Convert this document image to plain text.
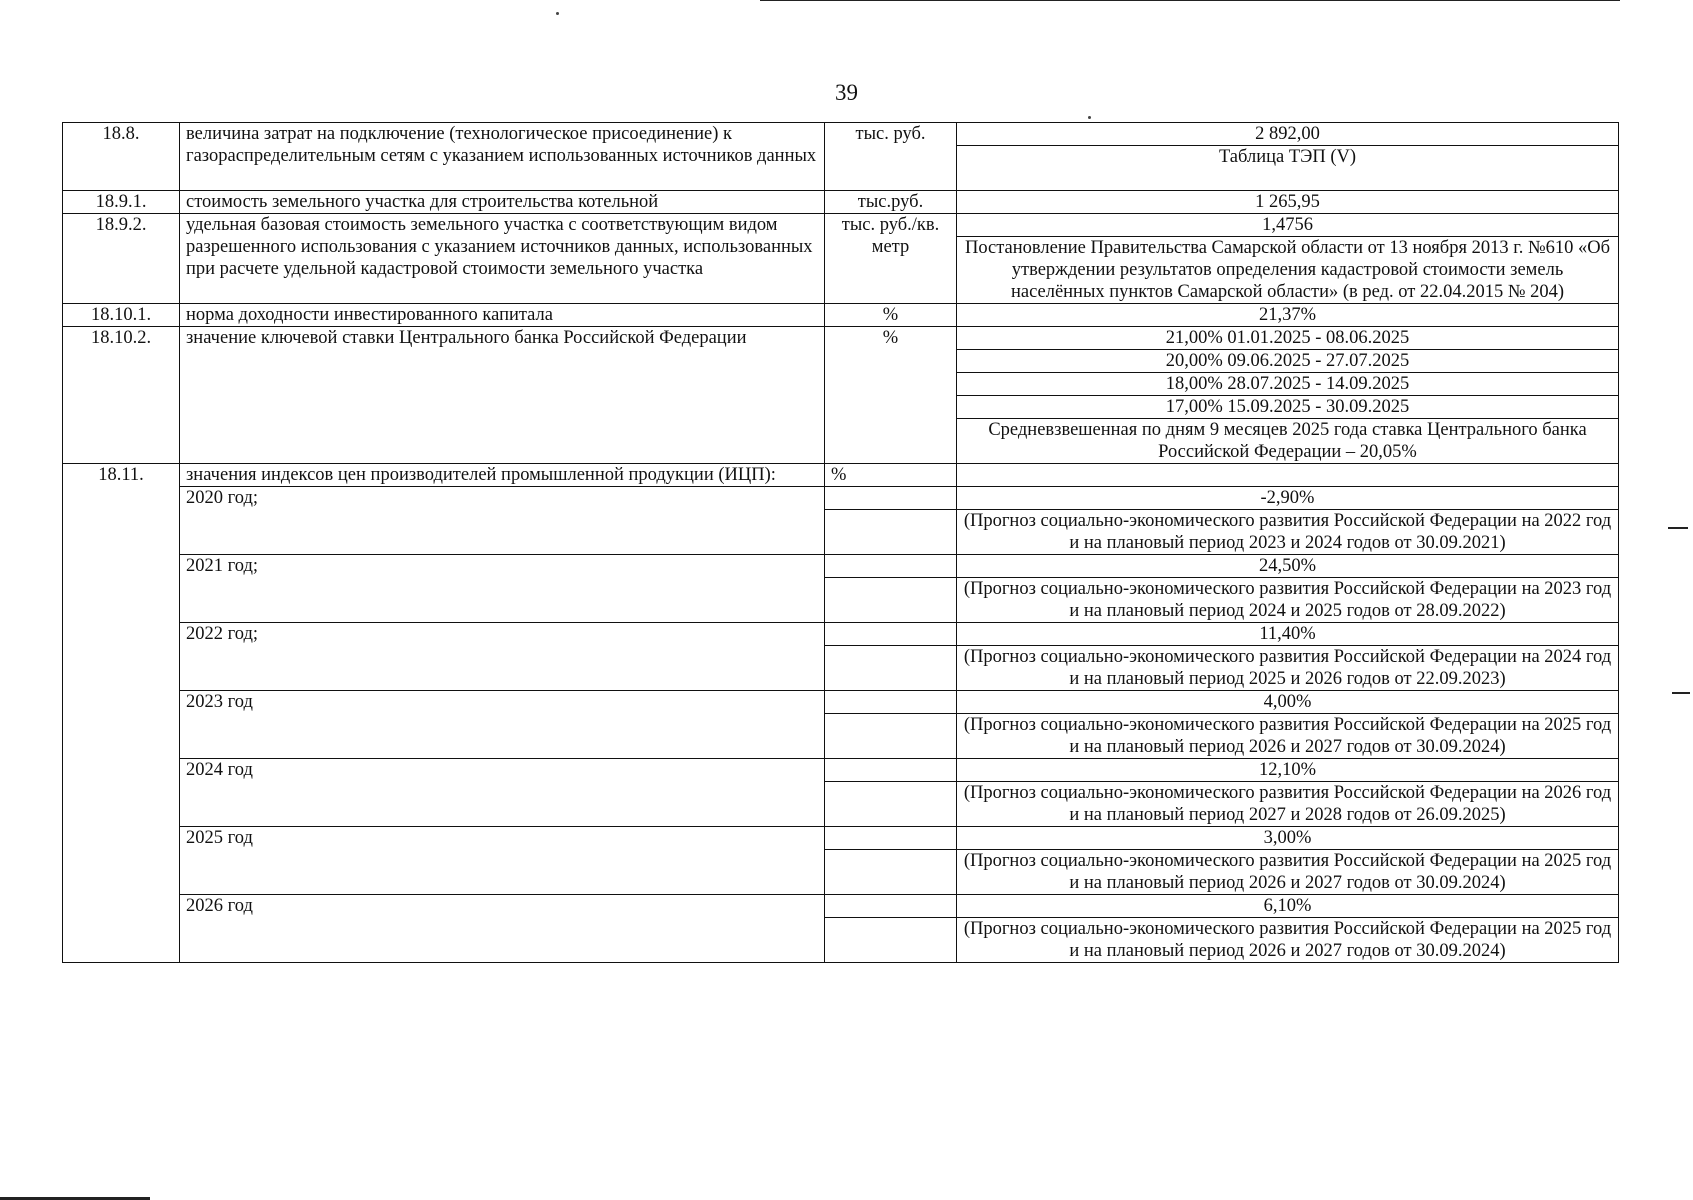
39
18.8.	величина затрат на подключение (технологическое присоединение) к газораспределительным сетям с указанием использованных источников данных	тыс. руб.	2 892,00
			Таблица ТЭП (V)
18.9.1.	стоимость земельного участка для строительства котельной	тыс.руб.	1 265,95
18.9.2.	удельная базовая стоимость земельного участка с соответствующим видом разрешенного использования с указанием источников данных, использованных при расчете удельной кадастровой стоимости земельного участка	тыс. руб./кв. метр	1,4756
			Постановление Правительства Самарской области от 13 ноября 2013 г. №610 «Об утверждении результатов определения кадастровой стоимости земель населённых пунктов Самарской области» (в ред. от 22.04.2015 № 204)
18.10.1.	норма доходности инвестированного капитала	%	21,37%
18.10.2.	значение ключевой ставки Центрального банка Российской Федерации	%	21,00% 01.01.2025 - 08.06.2025
			20,00% 09.06.2025 - 27.07.2025
			18,00% 28.07.2025 - 14.09.2025
			17,00% 15.09.2025 - 30.09.2025
			Средневзвешенная по дням 9 месяцев 2025 года ставка Центрального банка Российской Федерации – 20,05%
18.11.	значения индексов цен производителей промышленной продукции (ИЦП):	%	
	2020 год;		-2,90%
			(Прогноз социально-экономического развития Российской Федерации на 2022 год и на плановый период 2023 и 2024 годов от 30.09.2021)
	2021 год;		24,50%
			(Прогноз социально-экономического развития Российской Федерации на 2023 год и на плановый период 2024 и 2025 годов от 28.09.2022)
	2022 год;		11,40%
			(Прогноз социально-экономического развития Российской Федерации на 2024 год и на плановый период 2025 и 2026 годов от 22.09.2023)
	2023 год		4,00%
			(Прогноз социально-экономического развития Российской Федерации на 2025 год и на плановый период 2026 и 2027 годов от 30.09.2024)
	2024 год		12,10%
			(Прогноз социально-экономического развития Российской Федерации на 2026 год и на плановый период 2027 и 2028 годов от 26.09.2025)
	2025 год		3,00%
			(Прогноз социально-экономического развития Российской Федерации на 2025 год и на плановый период 2026 и 2027 годов от 30.09.2024)
	2026 год		6,10%
			(Прогноз социально-экономического развития Российской Федерации на 2025 год и на плановый период 2026 и 2027 годов от 30.09.2024)
